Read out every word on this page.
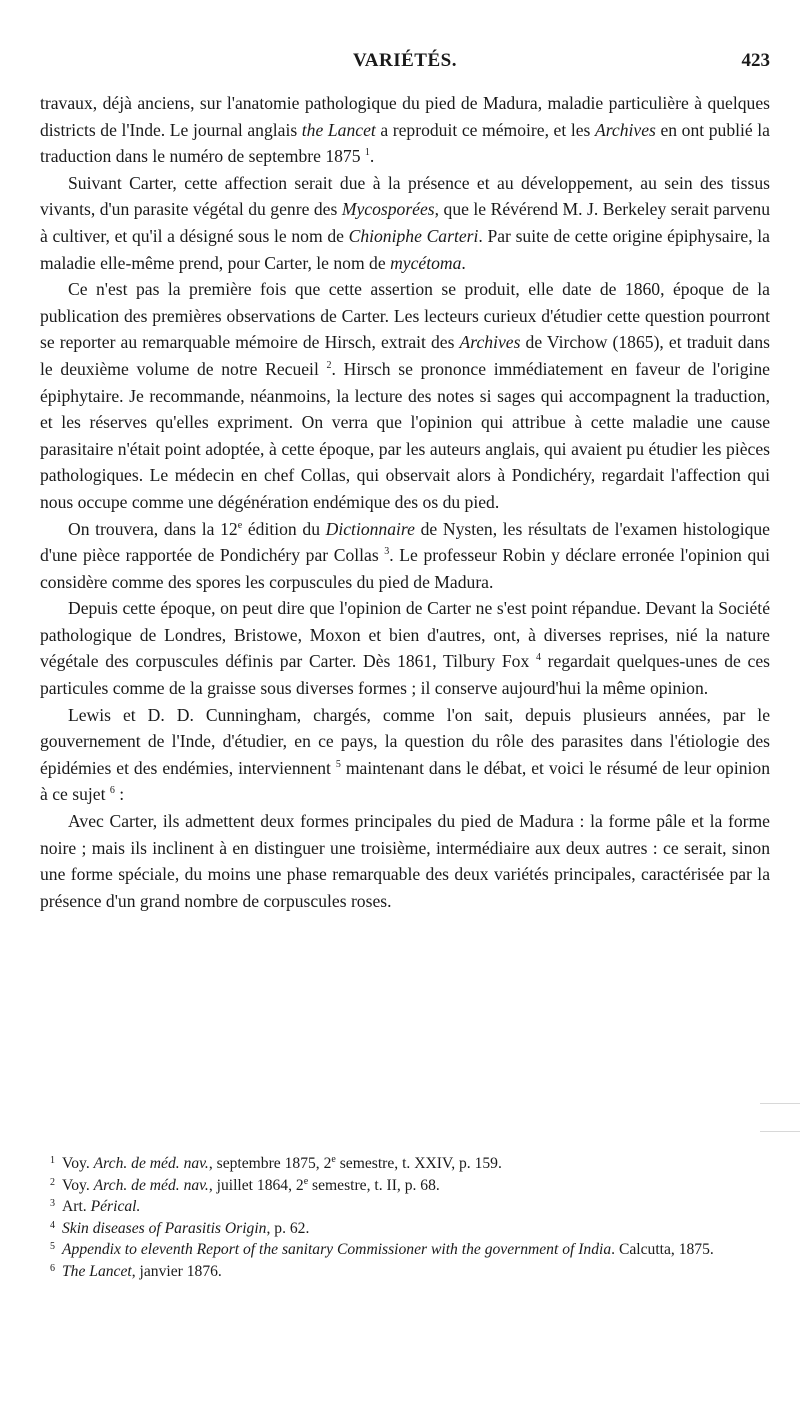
VARIÉTÉS.	423

travaux, déjà anciens, sur l'anatomie pathologique du pied de Madura, maladie particulière à quelques districts de l'Inde. Le journal anglais the Lancet a reproduit ce mémoire, et les Archives en ont publié la traduction dans le numéro de septembre 1875 $^1$.

Suivant Carter, cette affection serait due à la présence et au développement, au sein des tissus vivants, d'un parasite végétal du genre des Mycosporées, que le Révérend M. J. Berkeley serait parvenu à cultiver, et qu'il a désigné sous le nom de Chioniphe Carteri. Par suite de cette origine épiphysaire, la maladie elle-même prend, pour Carter, le nom de mycétoma.

Ce n'est pas la première fois que cette assertion se produit, elle date de 1860, époque de la publication des premières observations de Carter. Les lecteurs curieux d'étudier cette question pourront se reporter au remarquable mémoire de Hirsch, extrait des Archives de Virchow (1865), et traduit dans le deuxième volume de notre Recueil $^2$. Hirsch se prononce immédiatement en faveur de l'origine épiphytaire. Je recommande, néanmoins, la lecture des notes si sages qui accompagnent la traduction, et les réserves qu'elles expriment. On verra que l'opinion qui attribue à cette maladie une cause parasitaire n'était point adoptée, à cette époque, par les auteurs anglais, qui avaient pu étudier les pièces pathologiques. Le médecin en chef Collas, qui observait alors à Pondichéry, regardait l'affection qui nous occupe comme une dégénération endémique des os du pied.

On trouvera, dans la 12e édition du Dictionnaire de Nysten, les résultats de l'examen histologique d'une pièce rapportée de Pondichéry par Collas $^3$. Le professeur Robin y déclare erronée l'opinion qui considère comme des spores les corpuscules du pied de Madura.

Depuis cette époque, on peut dire que l'opinion de Carter ne s'est point répandue. Devant la Société pathologique de Londres, Bristowe, Moxon et bien d'autres, ont, à diverses reprises, nié la nature végétale des corpuscules définis par Carter. Dès 1861, Tilbury Fox $^4$ regardait quelques-unes de ces particules comme de la graisse sous diverses formes ; il conserve aujourd'hui la même opinion.

Lewis et D. D. Cunningham, chargés, comme l'on sait, depuis plusieurs années, par le gouvernement de l'Inde, d'étudier, en ce pays, la question du rôle des parasites dans l'étiologie des épidémies et des endémies, interviennent $^5$ maintenant dans le débat, et voici le résumé de leur opinion à ce sujet $^6$ :

Avec Carter, ils admettent deux formes principales du pied de Madura : la forme pâle et la forme noire ; mais ils inclinent à en distinguer une troisième, intermédiaire aux deux autres : ce serait, sinon une forme spéciale, du moins une phase remarquable des deux variétés principales, caractérisée par la présence d'un grand nombre de corpuscules roses.

1 Voy. Arch. de méd. nav., septembre 1875, 2e semestre, t. XXIV, p. 159.

2 Voy. Arch. de méd. nav., juillet 1864, 2e semestre, t. II, p. 68.

3 Art. Pérical.

4 Skin diseases of Parasitis Origin, p. 62.

5 Appendix to eleventh Report of the sanitary Commissioner with the government of India. Calcutta, 1875.

6 The Lancet, janvier 1876.
